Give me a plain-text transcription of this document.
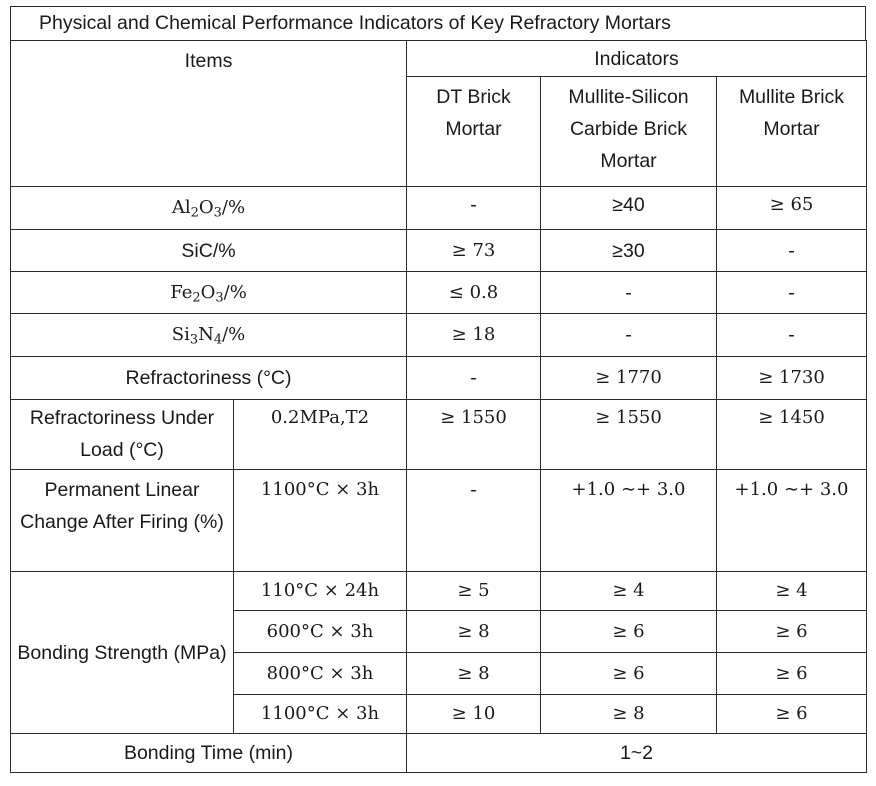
Physical and Chemical Performance Indicators of Key Refractory Mortars
Items		Indicators		
		DT Brick Mortar	Mullite-Silicon Carbide Brick Mortar	Mullite Brick Mortar
$Al_2O_3/\%$		-	≥40	≥ 65
SiC/%		≥ 73	≥30	-
$Fe_2O_3/\%$		≤ 0.8	-	-
$Si_3N_4/\%$		≥ 18	-	-
Refractoriness (°C)		-	≥ 1770	≥ 1730
Refractoriness Under Load (°C)	0.2MPa,T2	≥ 1550	≥ 1550	≥ 1450
Permanent Linear Change After Firing (%)	1100°C × 3h	-	+1.0 ∼+ 3.0	+1.0 ∼+ 3.0
Bonding Strength (MPa)	110°C × 24h	≥ 5	≥ 4	≥ 4
	600°C × 3h	≥ 8	≥ 6	≥ 6
	800°C × 3h	≥ 8	≥ 6	≥ 6
	1100°C × 3h	≥ 10	≥ 8	≥ 6
Bonding Time (min)		1~2		
